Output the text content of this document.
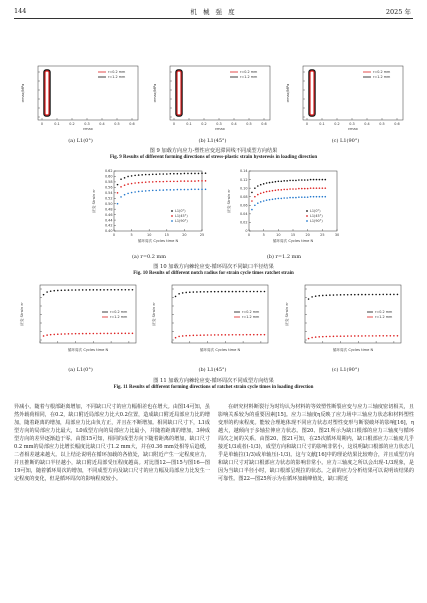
144	机 械 强 度	2025 年
0	0.1	0.2	0.3	0.4	0.5	0.6
εmax
σmax/MPa
r=0.2 mm
r=1.2 mm
0	0.1	0.2	0.3	0.4	0.5	0.6
εmax
σmax/MPa
r=0.2 mm
r=1.2 mm
0	0.1	0.2	0.3	0.4	0.5	0.6
εmax
σmax/MPa
r=0.2 mm
r=1.2 mm
(a) L1(0°)	(b) L1(45°)	(c) L1(90°)
图 9 加载方向应力-塑性应变迟滞回线不同成型方向结果
Fig. 9 Results of different forming directions of stress-plastic strain hysteresis in loading direction
0	5	10	15	20	25
0.40
0.42
0.44
0.46
0.48
0.50
0.52
0.54
0.56
0.58
0.60
0.62
循环周次 Cycles time N
应变 Strain εr	L1(0°)
L1(45°)
L1(90°)
0	5	10	15	20	25	30
0
0.02
0.04
0.06
0.08
0.10
0.12
0.14
循环周次 Cycles time N
应变 Strain εr	L1(0°)
L1(45°)
L1(90°)
(a) r=0.2 mm	(b) r=1.2 mm
图 10 加载方向棘轮应变-循环周次不同缺口半径结果
Fig. 10 Results of different notch radius for strain cycle times ratchet strain
循环周次 Cycles time N
应变 Strain εr	r=0.2 mm
r=1.2 mm
循环周次 Cycles time N
应变 Strain εr	r=0.2 mm
r=1.2 mm
循环周次 Cycles time N
应变 Strain εr	r=0.2 mm
r=1.2 mm
(a) L1(0°)	(b) L1(45°)	(c) L1(90°)
图 11 加载方向棘轮应变-循环周次不同成型方向结果
Fig. 11 Results of different forming directions of ratchet strain cycle times in loading direction

异减小。随着与根部距离增加，不同缺口尺寸的应力幅相差也在增大。由图14可知，虽然外载荷相同，在0.2，缺口附近局部应力比大0.2位置，造成缺口附近局部应力比的增加，随着距离的增加，局部应力比由负方正，并且在不断增加。相同缺口尺寸下，L1成型方向的局部应力比最大，L0成型方向的局部应力比最小，并随着距离的增加，3种成型方向的差异逐渐趋于零。由图15可知，相同的成型方向下随着距离的增加，缺口尺寸0.2 mm的局部应力比增长幅度比缺口尺寸1.2 mm大，并在0.36 mm处相等后趋缓，二者相差越来越大。以上结论说明在循环加载的各值处，缺口附近产生一定程度应力，并且推断的缺口半径越小，缺口附近局部受压程度越高。对比图12—图15与图16—图19可知，随着循环周次的增加，不同成型方向及缺口尺寸的应力幅及局部应力比发生一定程度的变化，但是循环周次的影响程度较小。

在研究材料断裂行为时均认为材料的等效塑性断裂应变与应力三轴度密切相关，且影响关系较为的重要因素[15]。应力三轴度η反映了应力场中三轴应力状态和材料塑性变形的约束程度。能较合理地体现不同应力状态对塑性变形与断裂破坏的影响[16]，η越大，越倾向于多轴拉伸应力状态。图20、图21所示为缺口根部的应力三轴度与循环周次之间的关系。由图20、图21可知，在25次循环周期内，缺口根部应力三轴度几乎接近1/3或者(-1/3)，成型方向和缺口尺寸的影响非常小，这说明缺口根部的应力状态几乎是单轴拉(1/3)或单轴压(-1/3)。这与文献[16]中的理论结果比较吻合，并且成型方向和缺口尺寸对缺口根部应力状态的影响非常小。应力三轴度之所以会出现-1/3现象，是因为当缺口半径小时，缺口根部呈现拉的状态。之前的应力分析结果可以说明该结果的可靠性。图22—图25所示为在循环加载峰值处，缺口附近
